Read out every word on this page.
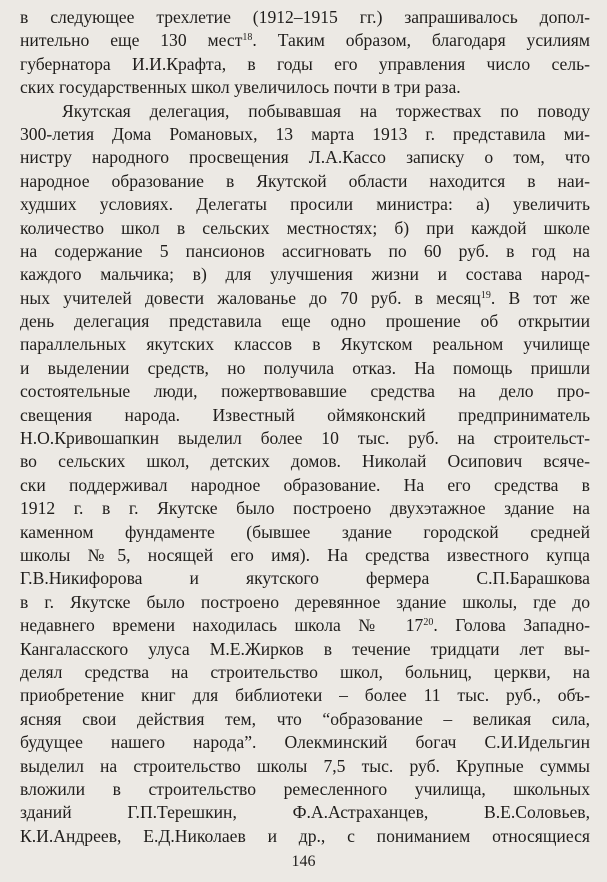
в следующее трехлетие (1912–1915 гг.) запрашивалось допол-
нительно еще 130 мест$^{18}$. Таким образом, благодаря усилиям
губернатора И.И.Крафта, в годы его управления число сель-
ских государственных школ увеличилось почти в три раза.
Якутская делегация, побывавшая на торжествах по поводу
300-летия Дома Романовых, 13 марта 1913 г. представила ми-
нистру народного просвещения Л.А.Кассо записку о том, что
народное образование в Якутской области находится в наи-
худших условиях. Делегаты просили министра: а) увеличить
количество школ в сельских местностях; б) при каждой школе
на содержание 5 пансионов ассигновать по 60 руб. в год на
каждого мальчика; в) для улучшения жизни и состава народ-
ных учителей довести жалованье до 70 руб. в месяц$^{19}$. В тот же
день делегация представила еще одно прошение об открытии
параллельных якутских классов в Якутском реальном училище
и выделении средств, но получила отказ. На помощь пришли
состоятельные люди, пожертвовавшие средства на дело про-
свещения народа. Известный оймяконский предприниматель
Н.О.Кривошапкин выделил более 10 тыс. руб. на строительст-
во сельских школ, детских домов. Николай Осипович всяче-
ски поддерживал народное образование. На его средства в
1912 г. в г. Якутске было построено двухэтажное здание на
каменном фундаменте (бывшее здание городской средней
школы №5, носящей его имя). На средства известного купца
Г.В.Никифорова и якутского фермера С.П.Барашкова
в г. Якутске было построено деревянное здание школы, где до
недавнего времени находилась школа № $17^{20}$. Голова Западно-
Кангаласского улуса М.Е.Жирков в течение тридцати лет вы-
делял средства на строительство школ, больниц, церкви, на
приобретение книг для библиотеки – более 11 тыс. руб., объ-
ясняя свои действия тем, что “образование – великая сила,
будущее нашего народа”. Олекминский богач С.И.Идельгин
выделил на строительство школы 7,5 тыс. руб. Крупные суммы
вложили в строительство ремесленного училища, школьных
зданий Г.П.Терешкин, Ф.А.Астраханцев, В.Е.Соловьев,
К.И.Андреев, Е.Д.Николаев и др., с пониманием относящиеся
146
